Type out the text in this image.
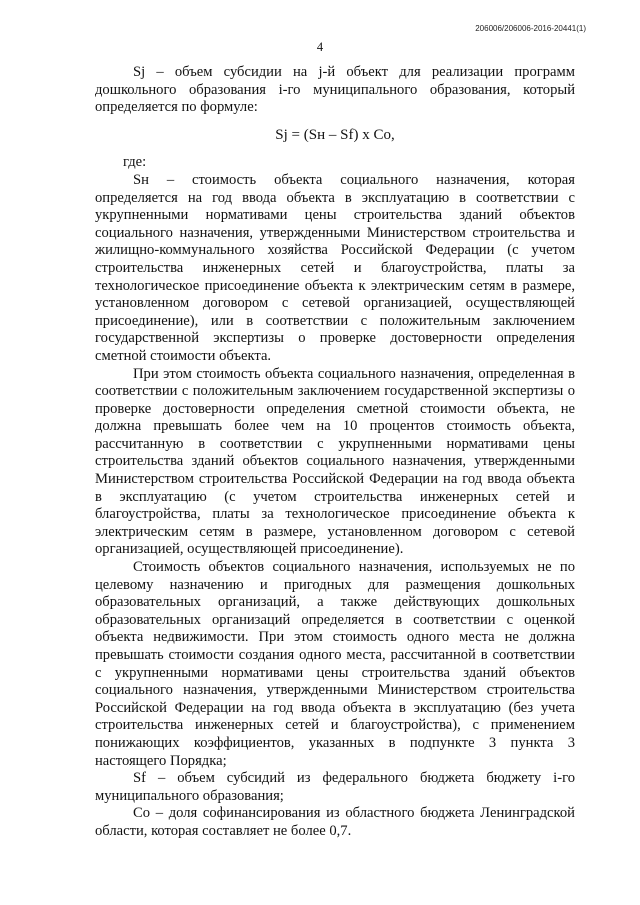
206006/206006-2016-20441(1)
4

Sj – объем субсидии на j-й объект для реализации программ дошкольного образования i-го муниципального образования, который определяется по формуле:

Sj = (Sн – Sf) x Co,

где:

Sн – стоимость объекта социального назначения, которая определяется на год ввода объекта в эксплуатацию в соответствии с укрупненными нормативами цены строительства зданий объектов социального назначения, утвержденными Министерством строительства и жилищно-коммунального хозяйства Российской Федерации (с учетом строительства инженерных сетей и благоустройства, платы за технологическое присоединение объекта к электрическим сетям в размере, установленном договором с сетевой организацией, осуществляющей присоединение), или в соответствии с положительным заключением государственной экспертизы о проверке достоверности определения сметной стоимости объекта.

При этом стоимость объекта социального назначения, определенная в соответствии с положительным заключением государственной экспертизы о проверке достоверности определения сметной стоимости объекта, не должна превышать более чем на 10 процентов стоимость объекта, рассчитанную в соответствии с укрупненными нормативами цены строительства зданий объектов социального назначения, утвержденными Министерством строительства Российской Федерации на год ввода объекта в эксплуатацию (с учетом строительства инженерных сетей и благоустройства, платы за технологическое присоединение объекта к электрическим сетям в размере, установленном договором с сетевой организацией, осуществляющей присоединение).

Стоимость объектов социального назначения, используемых не по целевому назначению и пригодных для размещения дошкольных образовательных организаций, а также действующих дошкольных образовательных организаций определяется в соответствии с оценкой объекта недвижимости. При этом стоимость одного места не должна превышать стоимости создания одного места, рассчитанной в соответствии с укрупненными нормативами цены строительства зданий объектов социального назначения, утвержденными Министерством строительства Российской Федерации на год ввода объекта в эксплуатацию (без учета строительства инженерных сетей и благоустройства), с применением понижающих коэффициентов, указанных в подпункте 3 пункта 3 настоящего Порядка;

Sf – объем субсидий из федерального бюджета бюджету i-го муниципального образования;

Co – доля софинансирования из областного бюджета Ленинградской области, которая составляет не более 0,7.
